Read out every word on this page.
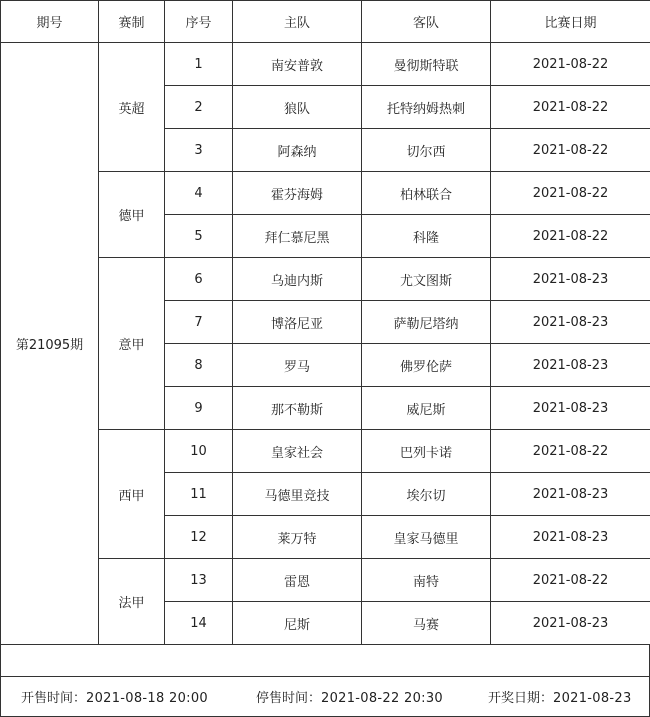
期号	赛制	序号	主队	客队	比赛日期
第21095期	英超	1	南安普敦	曼彻斯特联	2021-08-22
		2	狼队	托特纳姆热刺	2021-08-22
		3	阿森纳	切尔西	2021-08-22
	德甲	4	霍芬海姆	柏林联合	2021-08-22
		5	拜仁慕尼黑	科隆	2021-08-22
	意甲	6	乌迪内斯	尤文图斯	2021-08-23
		7	博洛尼亚	萨勒尼塔纳	2021-08-23
		8	罗马	佛罗伦萨	2021-08-23
		9	那不勒斯	威尼斯	2021-08-23
	西甲	10	皇家社会	巴列卡诺	2021-08-22
		11	马德里竞技	埃尔切	2021-08-23
		12	莱万特	皇家马德里	2021-08-23
	法甲	13	雷恩	南特	2021-08-22
		14	尼斯	马赛	2021-08-23
开售时间：2021-08-18 20:00	停售时间：2021-08-22 20:30	开奖日期：2021-08-23
